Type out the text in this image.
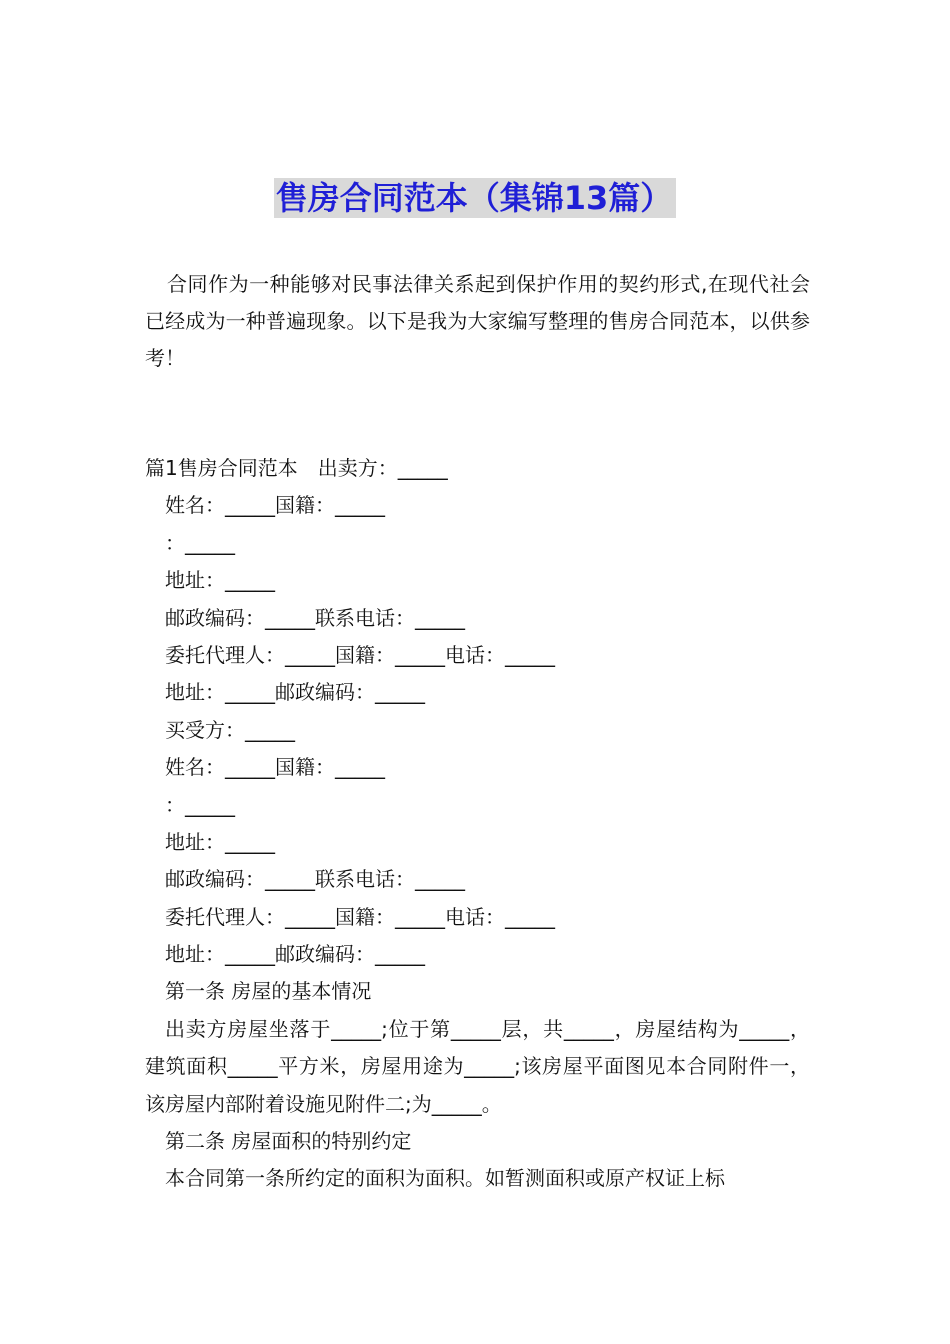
售房合同范本（集锦13篇）

合同作为一种能够对民事法律关系起到保护作用的契约形式,在现代社会已经成为一种普遍现象。以下是我为大家编写整理的售房合同范本，以供参考！

篇1售房合同范本　出卖方：_____
姓名：_____国籍：_____
：_____
地址：_____
邮政编码：_____联系电话：_____
委托代理人：_____国籍：_____电话：_____
地址：_____邮政编码：_____
买受方：_____
姓名：_____国籍：_____
：_____
地址：_____
邮政编码：_____联系电话：_____
委托代理人：_____国籍：_____电话：_____
地址：_____邮政编码：_____
第一条 房屋的基本情况

出卖方房屋坐落于_____;位于第_____层，共_____，房屋结构为_____，建筑面积_____平方米，房屋用途为_____;该房屋平面图见本合同附件一，该房屋内部附着设施见附件二;为_____。

第二条 房屋面积的特别约定
本合同第一条所约定的面积为面积。如暂测面积或原产权证上标
